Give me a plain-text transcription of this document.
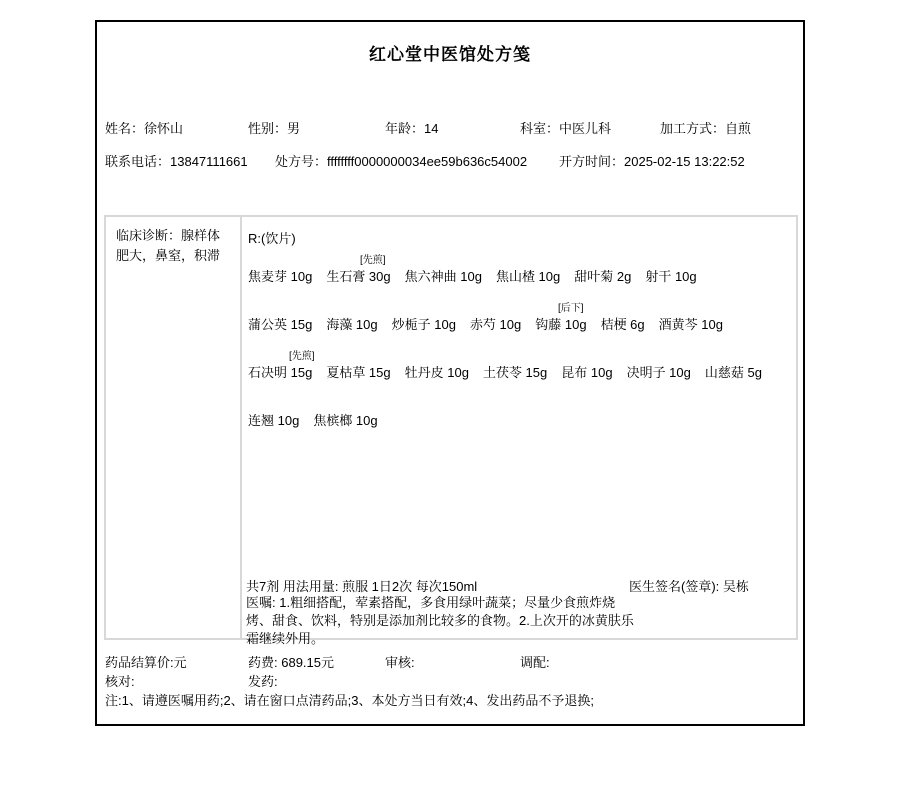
红心堂中医馆处方笺
姓名：徐怀山	性别：男	年龄：14	科室：中医儿科	加工方式：自煎
联系电话：13847111661 处方号：ffffffff0000000034ee59b636c54002 开方时间：2025-02-15 13:22:52
临床诊断：腺样体肥大，鼻窒，积滞
R:(饮片)
[先煎]
焦麦芽 10g 生石膏 30g 焦六神曲 10g 焦山楂 10g 甜叶菊 2g 射干 10g
[后下]
蒲公英 15g 海藻 10g 炒栀子 10g 赤芍 10g 钩藤 10g 桔梗 6g 酒黄芩 10g
[先煎]
石决明 15g 夏枯草 15g 牡丹皮 10g 土茯苓 15g 昆布 10g 决明子 10g 山慈菇 5g
连翘 10g 焦槟榔 10g
共7剂 用法用量: 煎服 1日2次 每次150ml	医生签名(签章): 吴栋
医嘱: 1.粗细搭配，荤素搭配，多食用绿叶蔬菜；尽量少食煎炸烧烤、甜食、饮料，特别是添加剂比较多的食物。2.上次开的冰黄肤乐霜继续外用。
药品结算价:元	药费: 689.15元	审核:	调配:
核对:	发药:
注:1、请遵医嘱用药;2、请在窗口点清药品;3、本处方当日有效;4、发出药品不予退换;
